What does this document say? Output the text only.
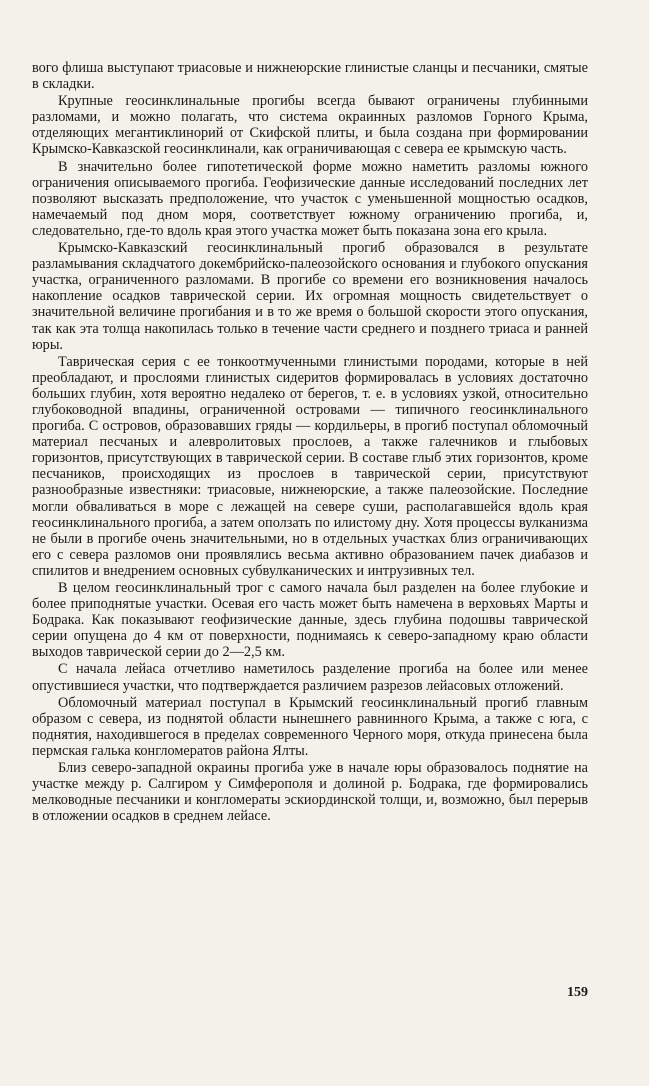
вого флиша выступают триасовые и нижнеюрские глинистые сланцы и песчаники, смятые в складки.

Крупные геосинклинальные прогибы всегда бывают ограничены глубинными разломами, и можно полагать, что система окраинных разломов Горного Крыма, отделяющих мегантиклинорий от Скифской плиты, и была создана при формировании Крымско-Кавказской геосинклинали, как ограничивающая с севера ее крымскую часть.

В значительно более гипотетической форме можно наметить разломы южного ограничения описываемого прогиба. Геофизические данные исследований последних лет позволяют высказать предположение, что участок с уменьшенной мощностью осадков, намечаемый под дном моря, соответствует южному ограничению прогиба, и, следовательно, где-то вдоль края этого участка может быть показана зона его крыла.

Крымско-Кавказский геосинклинальный прогиб образовался в результате разламывания складчатого докембрийско-палеозойского основания и глубокого опускания участка, ограниченного разломами. В прогибе со времени его возникновения началось накопление осадков таврической серии. Их огромная мощность свидетельствует о значительной величине прогибания и в то же время о большой скорости этого опускания, так как эта толща накопилась только в течение части среднего и позднего триаса и ранней юры.

Таврическая серия с ее тонкоотмученными глинистыми породами, которые в ней преобладают, и прослоями глинистых сидеритов формировалась в условиях достаточно больших глубин, хотя вероятно недалеко от берегов, т. е. в условиях узкой, относительно глубоководной впадины, ограниченной островами — типичного геосинклинального прогиба. С островов, образовавших гряды — кордильеры, в прогиб поступал обломочный материал песчаных и алевролитовых прослоев, а также галечников и глыбовых горизонтов, присутствующих в таврической серии. В составе глыб этих горизонтов, кроме песчаников, происходящих из прослоев в таврической серии, присутствуют разнообразные известняки: триасовые, нижнеюрские, а также палеозойские. Последние могли обваливаться в море с лежащей на севере суши, располагавшейся вдоль края геосинклинального прогиба, а затем оползать по илистому дну. Хотя процессы вулканизма не были в прогибе очень значительными, но в отдельных участках близ ограничивающих его с севера разломов они проявлялись весьма активно образованием пачек диабазов и спилитов и внедрением основных субвулканических и интрузивных тел.

В целом геосинклинальный трог с самого начала был разделен на более глубокие и более приподнятые участки. Осевая его часть может быть намечена в верховьях Марты и Бодрака. Как показывают геофизические данные, здесь глубина подошвы таврической серии опущена до 4 км от поверхности, поднимаясь к северо-западному краю области выходов таврической серии до 2—2,5 км.

С начала лейаса отчетливо наметилось разделение прогиба на более или менее опустившиеся участки, что подтверждается различием разрезов лейасовых отложений.

Обломочный материал поступал в Крымский геосинклинальный прогиб главным образом с севера, из поднятой области нынешнего равнинного Крыма, а также с юга, с поднятия, находившегося в пределах современного Черного моря, откуда принесена была пермская галька конгломератов района Ялты.

Близ северо-западной окраины прогиба уже в начале юры образовалось поднятие на участке между р. Салгиром у Симферополя и долиной р. Бодрака, где формировались мелководные песчаники и конгломераты эскиординской толщи, и, возможно, был перерыв в отложении осадков в среднем лейасе.

159
